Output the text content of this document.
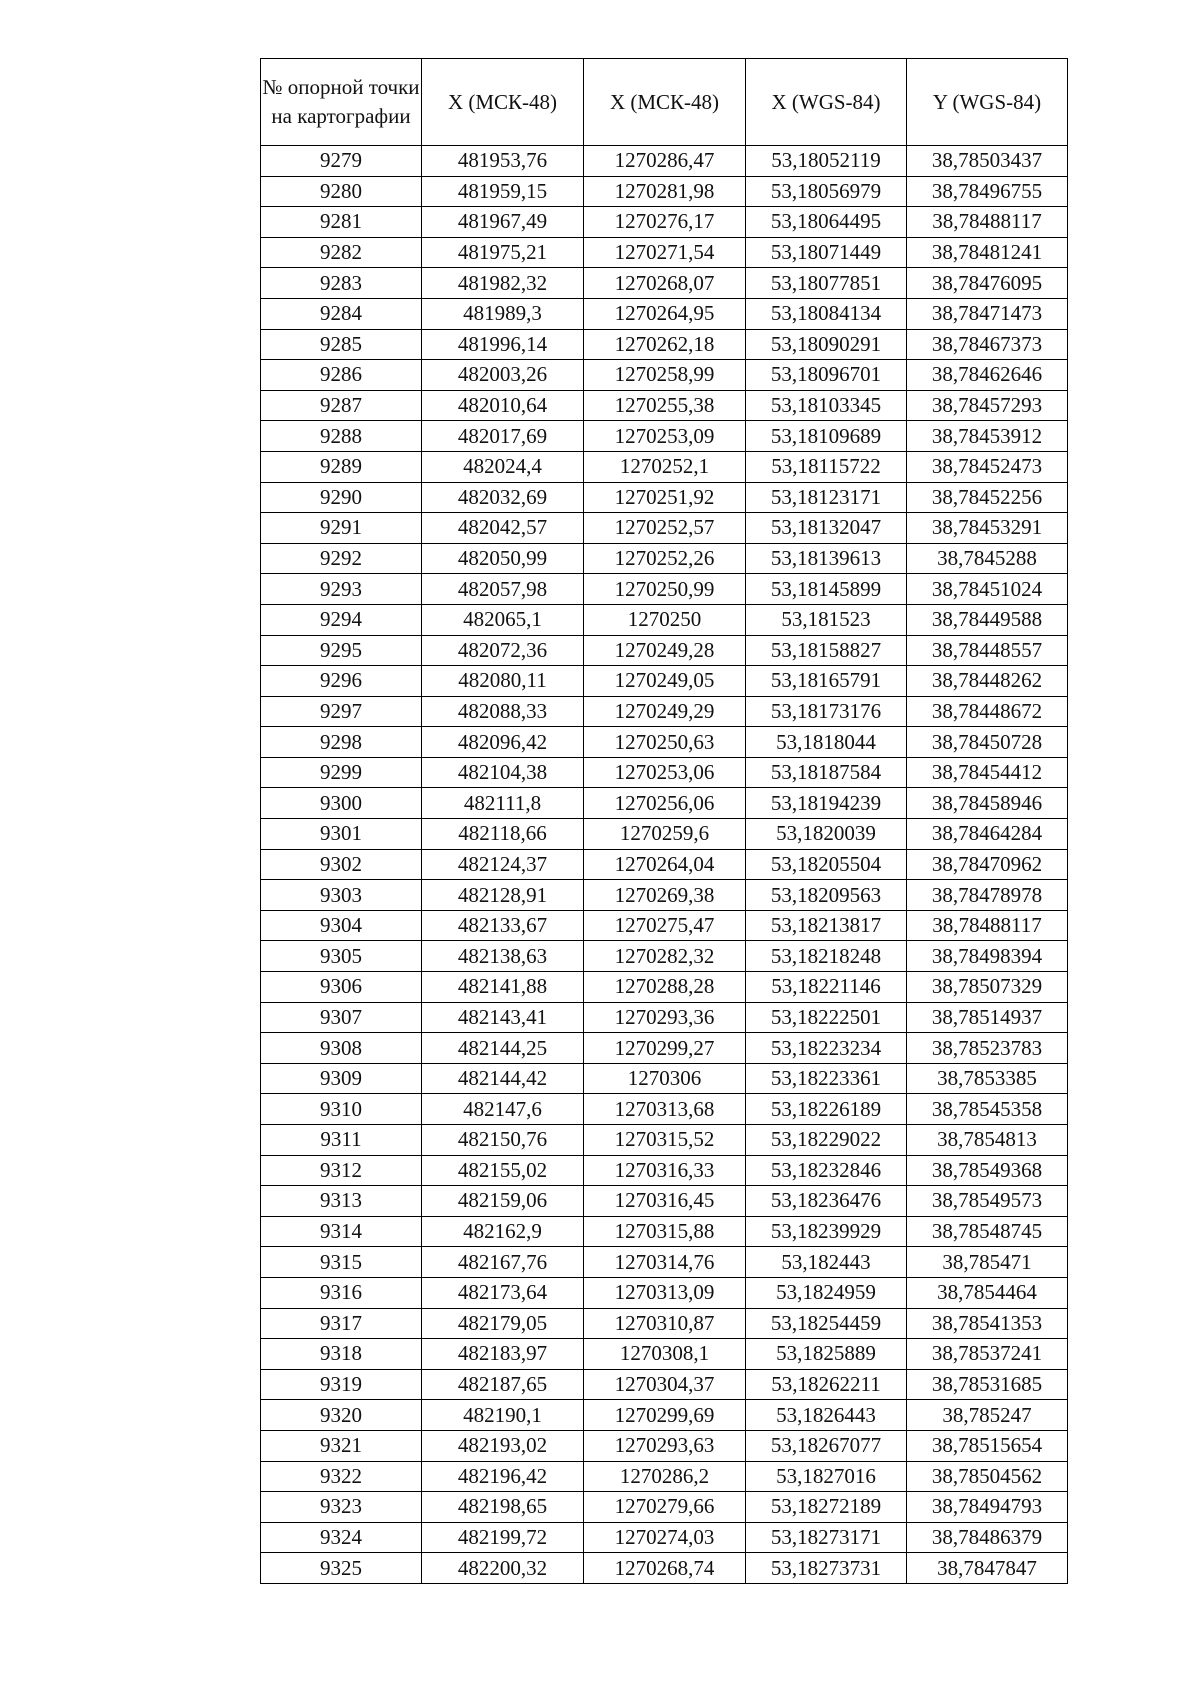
№ опорной точки на картографии	X (МСК-48)	X (МСК-48)	X (WGS-84)	Y (WGS-84)
9279	481953,76	1270286,47	53,18052119	38,78503437
9280	481959,15	1270281,98	53,18056979	38,78496755
9281	481967,49	1270276,17	53,18064495	38,78488117
9282	481975,21	1270271,54	53,18071449	38,78481241
9283	481982,32	1270268,07	53,18077851	38,78476095
9284	481989,3	1270264,95	53,18084134	38,78471473
9285	481996,14	1270262,18	53,18090291	38,78467373
9286	482003,26	1270258,99	53,18096701	38,78462646
9287	482010,64	1270255,38	53,18103345	38,78457293
9288	482017,69	1270253,09	53,18109689	38,78453912
9289	482024,4	1270252,1	53,18115722	38,78452473
9290	482032,69	1270251,92	53,18123171	38,78452256
9291	482042,57	1270252,57	53,18132047	38,78453291
9292	482050,99	1270252,26	53,18139613	38,7845288
9293	482057,98	1270250,99	53,18145899	38,78451024
9294	482065,1	1270250	53,181523	38,78449588
9295	482072,36	1270249,28	53,18158827	38,78448557
9296	482080,11	1270249,05	53,18165791	38,78448262
9297	482088,33	1270249,29	53,18173176	38,78448672
9298	482096,42	1270250,63	53,1818044	38,78450728
9299	482104,38	1270253,06	53,18187584	38,78454412
9300	482111,8	1270256,06	53,18194239	38,78458946
9301	482118,66	1270259,6	53,1820039	38,78464284
9302	482124,37	1270264,04	53,18205504	38,78470962
9303	482128,91	1270269,38	53,18209563	38,78478978
9304	482133,67	1270275,47	53,18213817	38,78488117
9305	482138,63	1270282,32	53,18218248	38,78498394
9306	482141,88	1270288,28	53,18221146	38,78507329
9307	482143,41	1270293,36	53,18222501	38,78514937
9308	482144,25	1270299,27	53,18223234	38,78523783
9309	482144,42	1270306	53,18223361	38,7853385
9310	482147,6	1270313,68	53,18226189	38,78545358
9311	482150,76	1270315,52	53,18229022	38,7854813
9312	482155,02	1270316,33	53,18232846	38,78549368
9313	482159,06	1270316,45	53,18236476	38,78549573
9314	482162,9	1270315,88	53,18239929	38,78548745
9315	482167,76	1270314,76	53,182443	38,785471
9316	482173,64	1270313,09	53,1824959	38,7854464
9317	482179,05	1270310,87	53,18254459	38,78541353
9318	482183,97	1270308,1	53,1825889	38,78537241
9319	482187,65	1270304,37	53,18262211	38,78531685
9320	482190,1	1270299,69	53,1826443	38,785247
9321	482193,02	1270293,63	53,18267077	38,78515654
9322	482196,42	1270286,2	53,1827016	38,78504562
9323	482198,65	1270279,66	53,18272189	38,78494793
9324	482199,72	1270274,03	53,18273171	38,78486379
9325	482200,32	1270268,74	53,18273731	38,7847847
